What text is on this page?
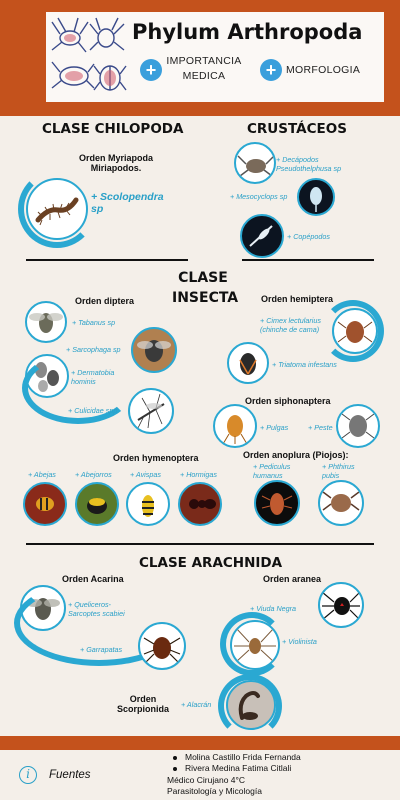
Phylum Arthropoda
+ IMPORTANCIA
MEDICA	+ MORFOLOGIA
CLASE CHILOPODA
Orden Myriapoda
Miriapodos.
+ Scolopendra
sp
CRUSTÁCEOS
+ Decápodos
Pseudothelphusa sp
+ Mesocyclops sp
+ Copépodos
CLASE
INSECTA
Orden diptera
+ Tabanus sp
+ Sarcophaga sp
+ Dermatobia
hominis
+ Culicidae spp.
Orden hemiptera
+ Cimex lectularius
(chinche de cama)
+ Triatoma infestans
Orden siphonaptera
+ Pulgas	+ Peste
Orden hymenoptera
+ Abejas	+ Abejorros	+ Avispas	+ Hormigas
Orden anoplura (Piojos):
+ Pediculus
humanus
+ Phthirus
pubis
CLASE ARACHNIDA
Orden Acarina
+ Queliceros-
Sarcoptes scabiei
+ Garrapatas
Orden aranea
+ Viuda Negra
+ Violinista
Orden
Scorpionida	+ Alacrán
i	Fuentes
Molina Castillo Frida Fernanda
Rivera Medina Fatima Citlali
Médico Cirujano 4°C
Parasitología y Micología
